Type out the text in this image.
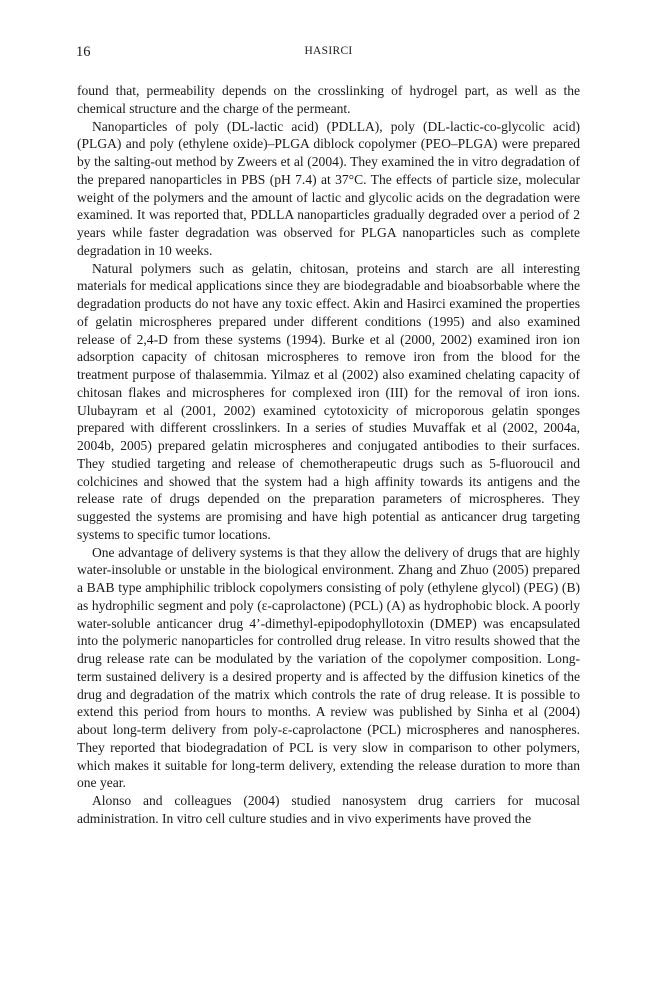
16	HASIRCI

found that, permeability depends on the crosslinking of hydrogel part, as well as the chemical structure and the charge of the permeant.

Nanoparticles of poly (DL-lactic acid) (PDLLA), poly (DL-lactic-co-glycolic acid) (PLGA) and poly (ethylene oxide)–PLGA diblock copolymer (PEO–PLGA) were prepared by the salting-out method by Zweers et al (2004). They examined the in vitro degradation of the prepared nanoparticles in PBS (pH 7.4) at 37°C. The effects of particle size, molecular weight of the polymers and the amount of lactic and glycolic acids on the degradation were examined. It was reported that, PDLLA nanoparticles gradually degraded over a period of 2 years while faster degradation was observed for PLGA nanoparticles such as complete degradation in 10 weeks.

Natural polymers such as gelatin, chitosan, proteins and starch are all interesting materials for medical applications since they are biodegradable and bioabsorbable where the degradation products do not have any toxic effect. Akin and Hasirci examined the properties of gelatin microspheres prepared under different conditions (1995) and also examined release of 2,4-D from these systems (1994). Burke et al (2000, 2002) examined iron ion adsorption capacity of chitosan microspheres to remove iron from the blood for the treatment purpose of thalasemmia. Yilmaz et al (2002) also examined chelating capacity of chitosan flakes and microspheres for complexed iron (III) for the removal of iron ions. Ulubayram et al (2001, 2002) examined cytotoxicity of microporous gelatin sponges prepared with different crosslinkers. In a series of studies Muvaffak et al (2002, 2004a, 2004b, 2005) prepared gelatin microspheres and conjugated antibodies to their surfaces. They studied targeting and release of chemotherapeutic drugs such as 5-fluoroucil and colchicines and showed that the system had a high affinity towards its antigens and the release rate of drugs depended on the preparation parameters of microspheres. They suggested the systems are promising and have high potential as anticancer drug targeting systems to specific tumor locations.

One advantage of delivery systems is that they allow the delivery of drugs that are highly water-insoluble or unstable in the biological environment. Zhang and Zhuo (2005) prepared a BAB type amphiphilic triblock copolymers consisting of poly (ethylene glycol) (PEG) (B) as hydrophilic segment and poly (ε-caprolactone) (PCL) (A) as hydrophobic block. A poorly water-soluble anticancer drug 4’-dimethyl-epipodophyllotoxin (DMEP) was encapsulated into the polymeric nanoparticles for controlled drug release. In vitro results showed that the drug release rate can be modulated by the variation of the copolymer composition. Long-term sustained delivery is a desired property and is affected by the diffusion kinetics of the drug and degradation of the matrix which controls the rate of drug release. It is possible to extend this period from hours to months. A review was published by Sinha et al (2004) about long-term delivery from poly-ε-caprolactone (PCL) microspheres and nanospheres. They reported that biodegradation of PCL is very slow in comparison to other polymers, which makes it suitable for long-term delivery, extending the release duration to more than one year.

Alonso and colleagues (2004) studied nanosystem drug carriers for mucosal administration. In vitro cell culture studies and in vivo experiments have proved the
